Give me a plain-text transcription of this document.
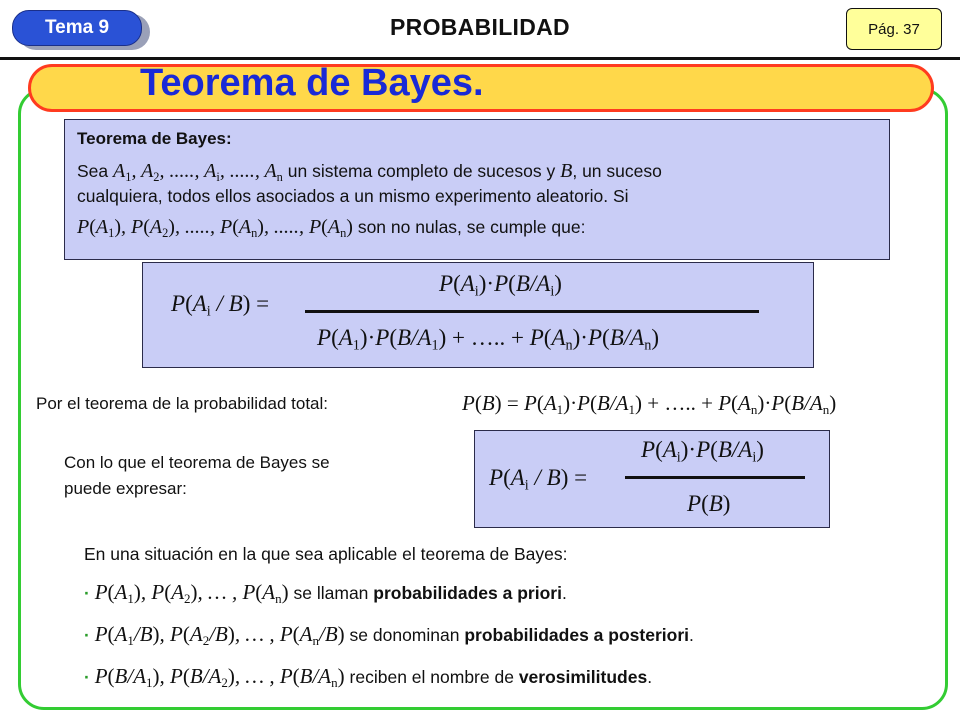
Tema 9	PROBABILIDAD	Pág. 37
Teorema de Bayes.
Teorema de Bayes:
Sea $A_1$, $A_2$, ....., $A_i$, ....., $A_n$ un sistema completo de sucesos y B, un suceso
cualquiera, todos ellos asociados a un mismo experimento aleatorio. Si
$P(A_1)$, $P(A_2)$, ....., $P(A_n)$, ....., $P(A_n)$ son no nulas, se cumple que:
$P(A_i / B)$ =
$P(A_i)\cdot P(B/A_i)$
$P(A_1)\cdot P(B/A_1)$ + ….. + $P(A_n)\cdot P(B/A_n)$
Por el teorema de la probabilidad total:	$P(B) = P(A_1)\cdot P(B/A_1)$ + ….. + $P(A_n)\cdot P(B/A_n)$
Con lo que el teorema de Bayes se
puede expresar:	$P(A_i / B)$ =
$P(A_i)\cdot P(B/A_i)$
P(B)
En una situación en la que sea aplicable el teorema de Bayes:
· $P(A_1)$, $P(A_2)$, … , $P(A_n)$ se llaman probabilidades a priori.
· $P(A_1/B)$, $P(A_2/B)$, … , $P(A_n/B)$ se donominan probabilidades a posteriori.
· $P(B/A_1)$, $P(B/A_2)$, … , $P(B/A_n)$ reciben el nombre de verosimilitudes.
